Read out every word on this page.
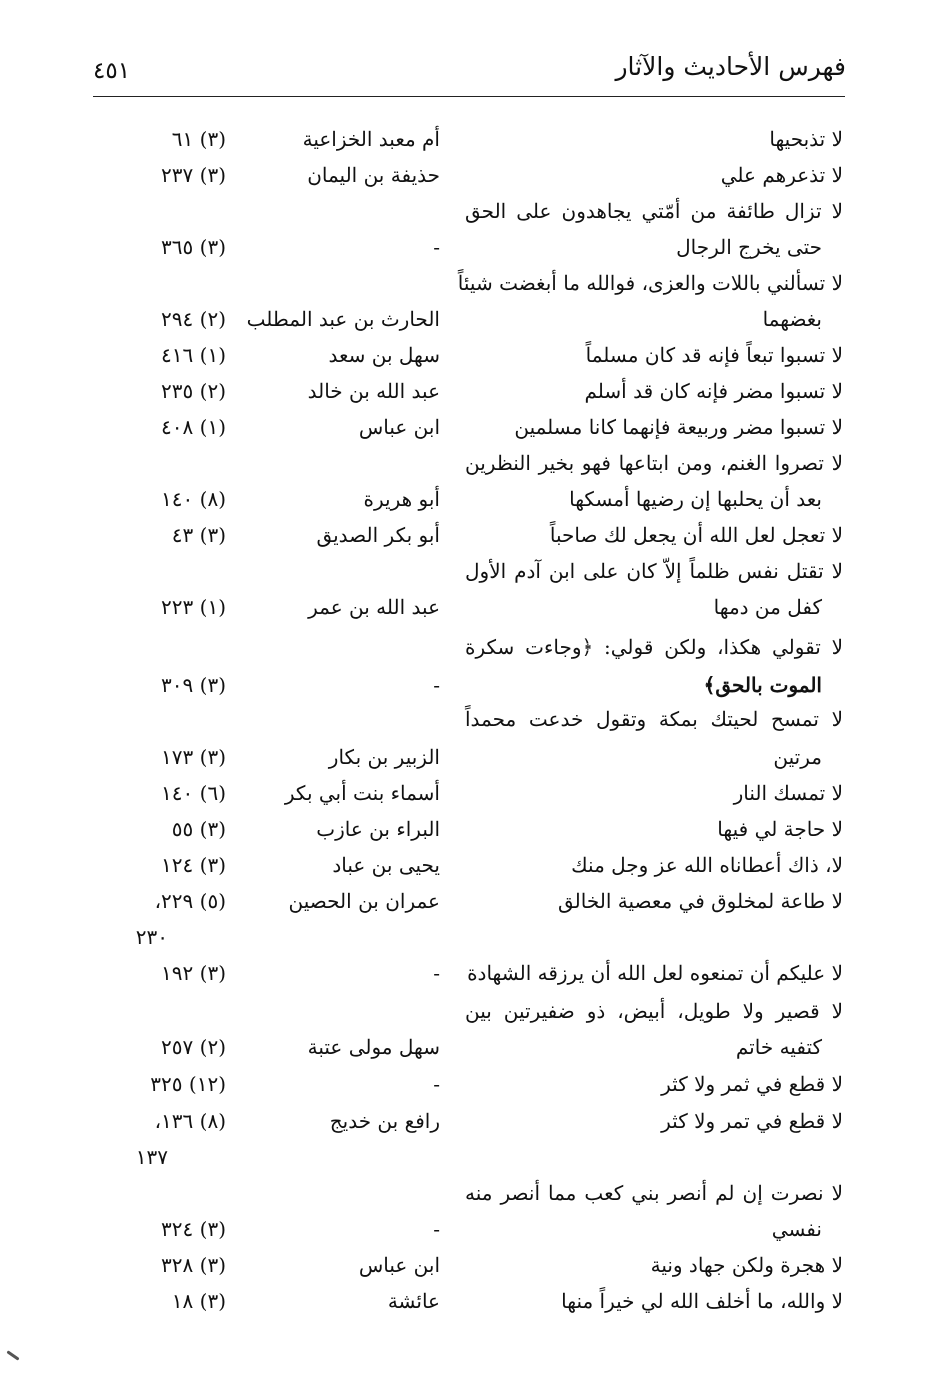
فهرس الأحاديث والآثار
٤٥١
لا تذبحيها
أم معبد الخزاعية
(٣) ٦١
لا تذعرهم علي
حذيفة بن اليمان
(٣) ٢٣٧
لا تزال طائفة من أمّتي يجاهدون على الحق
حتى يخرج الرجال
-
(٣) ٣٦٥
لا تسألني باللات والعزى، فوالله ما أبغضت شيئاً
بغضهما
الحارث بن عبد المطلب
(٢) ٢٩٤
لا تسبوا تبعاً فإنه قد كان مسلماً
سهل بن سعد
(١) ٤١٦
لا تسبوا مضر فإنه كان قد أسلم
عبد الله بن خالد
(٢) ٢٣٥
لا تسبوا مضر وربيعة فإنهما كانا مسلمين
ابن عباس
(١) ٤٠٨
لا تصروا الغنم، ومن ابتاعها فهو بخير النظرين
بعد أن يحلبها إن رضيها أمسكها
أبو هريرة
(٨) ١٤٠
لا تعجل لعل الله أن يجعل لك صاحباً
أبو بكر الصديق
(٣) ٤٣
لا تقتل نفس ظلماً إلاّ كان على ابن آدم الأول
كفل من دمها
عبد الله بن عمر
(١) ٢٢٣
لا تقولي هكذا، ولكن قولي: ﴿وجاءت سكرة
الموت بالحق﴾
-
(٣) ٣٠٩
لا تمسح لحيتك بمكة وتقول خدعت محمداً
مرتين
الزبير بن بكار
(٣) ١٧٣
لا تمسك النار
أسماء بنت أبي بكر
(٦) ١٤٠
لا حاجة لي فيها
البراء بن عازب
(٣) ٥٥
لا، ذاك أعطاناه الله عز وجل منك
يحيى بن عباد
(٣) ١٢٤
لا طاعة لمخلوق في معصية الخالق
عمران بن الحصين
(٥) ٢٢٩،
٢٣٠
لا عليكم أن تمنعوه لعل الله أن يرزقه الشهادة
-
(٣) ١٩٢
لا قصير ولا طويل، أبيض، ذو ضفيرتين بين
كتفيه خاتم
سهل مولى عتبة
(٢) ٢٥٧
لا قطع في ثمر ولا كثر
-
(١٢) ٣٢٥
لا قطع في تمر ولا كثر
رافع بن خديج
(٨) ١٣٦،
١٣٧
لا نصرت إن لم أنصر بني كعب مما أنصر منه
نفسي
-
(٣) ٣٢٤
لا هجرة ولكن جهاد ونية
ابن عباس
(٣) ٣٢٨
لا والله، ما أخلف الله لي خيراً منها
عائشة
(٣) ١٨
